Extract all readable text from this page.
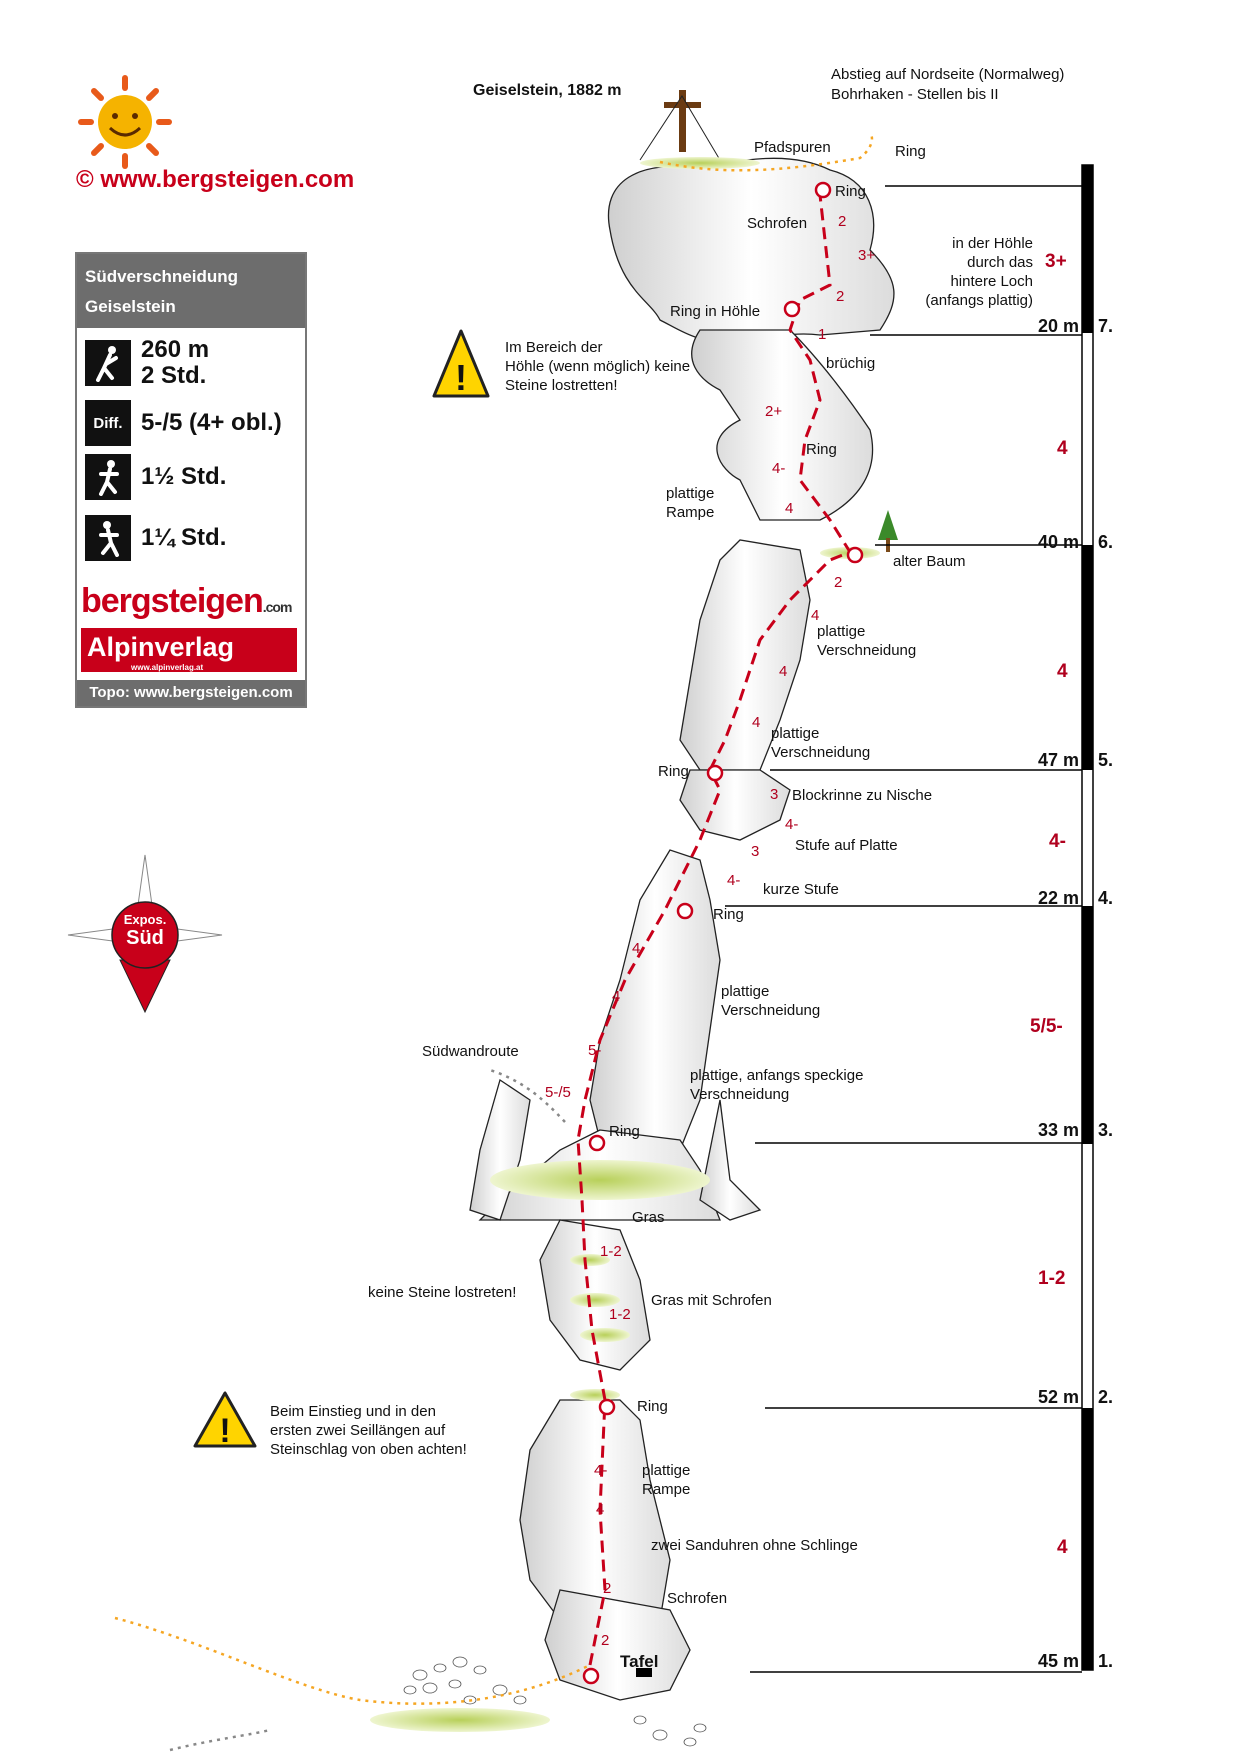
!
!
© www.bergsteigen.com
Geiselstein, 1882 m
Abstieg auf Nordseite (Normalweg)
Bohrhaken - Stellen bis II
Südverschneidung
Geiselstein
260 m
2 Std.
Diff. 5-/5 (4+ obl.)
1½ Std.
1¼ Std.
bergsteigen.com
Alpinverlag
www.alpinverlag.at
Topo: www.bergsteigen.com
Expos.
Süd
Im Bereich der
Höhle (wenn möglich) keine
Steine lostretten!
Beim Einstieg und in den
ersten zwei Seillängen auf
Steinschlag von oben achten!
Pfadspuren	Ring
Ring
Schrofen
in der Höhle
durch das
hintere Loch
(anfangs plattig)
Ring in Höhle
brüchig
Ring
plattige
Rampe
alter Baum
plattige
Verschneidung
plattige
Verschneidung
Ring
Blockrinne zu Nische
Stufe auf Platte
kurze Stufe
Ring
plattige
Verschneidung
Südwandroute
plattige, anfangs speckige
Verschneidung
Ring
Gras
keine Steine lostreten!	Gras mit Schrofen
Ring
plattige
Rampe
zwei Sanduhren ohne Schlinge
Schrofen
Tafel
2
3+
2
1
2+
4-
4
2
4
4
4
3
4-
3
4-
4
4
5-
5-/5
1-2
1-2
4-
4
2
2
3+
20 m 7.
4
40 m 6.
4
47 m 5.
4-
22 m 4.
5/5-
33 m 3.
1-2
52 m 2.
4
45 m 1.
